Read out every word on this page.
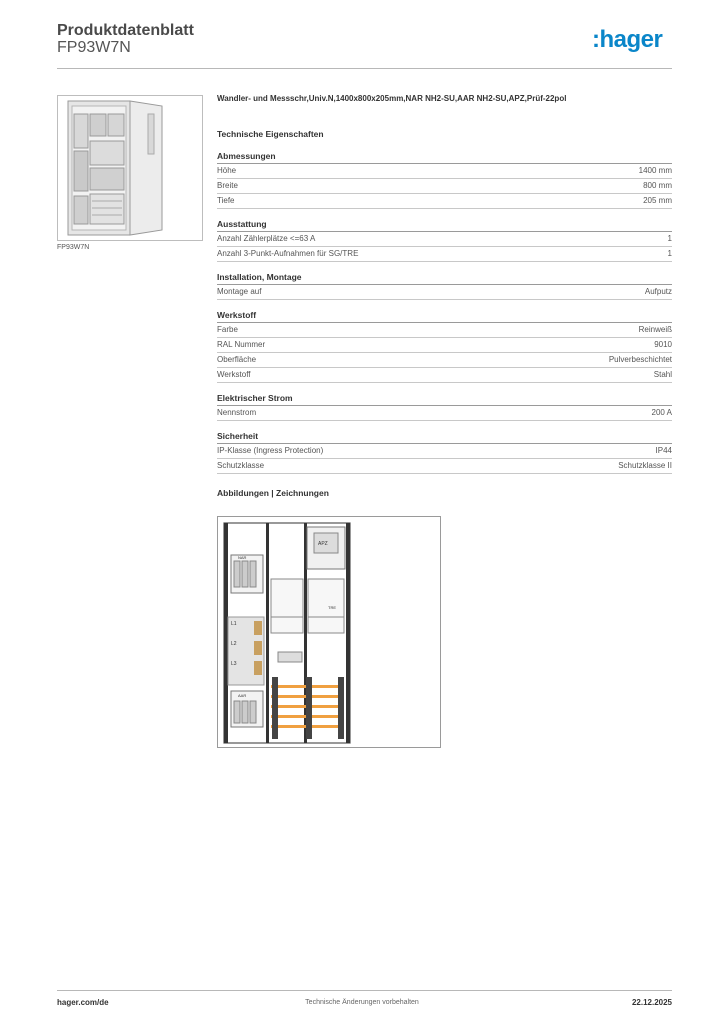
Produktdatenblatt
FP93W7N	:hager
FP93W7N
Wandler- und Messschr,Univ.N,1400x800x205mm,NAR NH2-SU,AAR NH2-SU,APZ,Prüf-22pol
Technische Eigenschaften
Abmessungen
Höhe	1400 mm
Breite	800 mm
Tiefe	205 mm
Ausstattung
Anzahl Zählerplätze <=63 A	1
Anzahl 3-Punkt-Aufnahmen für SG/TRE	1
Installation, Montage
Montage auf	Aufputz
Werkstoff
Farbe	Reinweiß
RAL Nummer	9010
Oberfläche	Pulverbeschichtet
Werkstoff	Stahl
Elektrischer Strom
Nennstrom	200 A
Sicherheit
IP-Klasse (Ingress Protection)	IP44
Schutzklasse	Schutzklasse II
Abbildungen | Zeichnungen
NAR
L1
L2
L3
AAR
APZ
TRE
hager.com/de	Technische Änderungen vorbehalten	22.12.2025
